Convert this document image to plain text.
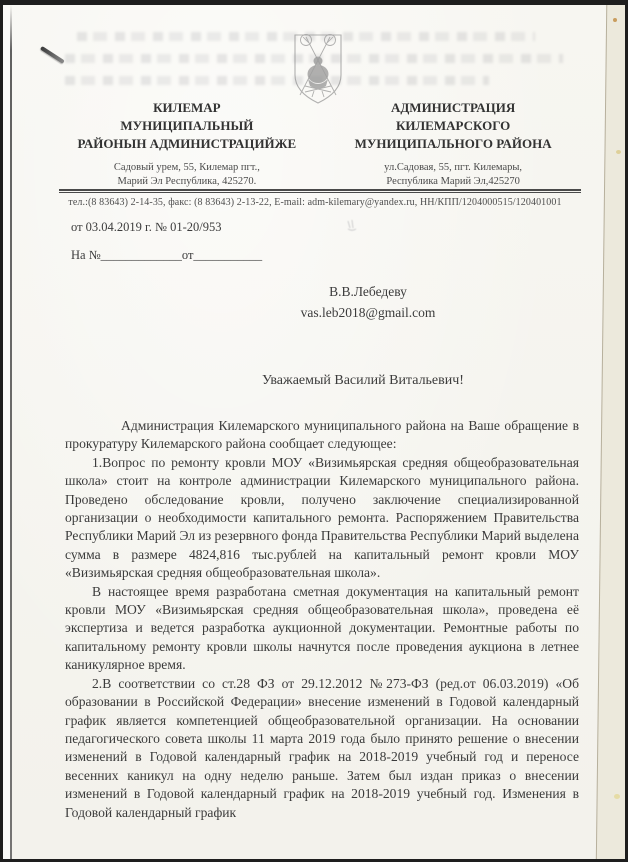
КИЛЕМАР
МУНИЦИПАЛЬНЫЙ
РАЙОНЫН АДМИНИСТРАЦИЙЖЕ
Садовый урем, 55, Килемар пгт.,
Марий Эл Республика, 425270.
АДМИНИСТРАЦИЯ
КИЛЕМАРСКОГО
МУНИЦИПАЛЬНОГО РАЙОНА
ул.Садовая, 55, пгт. Килемары,
Республика Марий Эл,425270
тел.:(8 83643) 2-14-35, факс: (8 83643) 2-13-22, E-mail: adm-kilemary@yandex.ru, НН/КПП/1204000515/120401001
от 03.04.2019 г. № 01-20/953
На №_____________от___________
В.В.Лебедеву
vas.leb2018@gmail.com
Уважаемый Василий Витальевич!

Администрация Килемарского муниципального района на Ваше обращение в прокуратуру Килемарского района сообщает следующее:

1.Вопрос по ремонту кровли МОУ «Визимьярская средняя общеобразовательная школа» стоит на контроле администрации Килемарского муниципального района. Проведено обследование кровли, получено заключение специализированной организации о необходимости капитального ремонта. Распоряжением Правительства Республики Марий Эл из резервного фонда Правительства Республики Марий выделена сумма в размере 4824,816 тыс.рублей на капитальный ремонт кровли МОУ «Визимьярская средняя общеобразовательная школа».

В настоящее время разработана сметная документация на капитальный ремонт кровли МОУ «Визимьярская средняя общеобразовательная школа», проведена её экспертиза и ведется разработка аукционной документации. Ремонтные работы по капитальному ремонту кровли школы начнутся после проведения аукциона в летнее каникулярное время.

2.В соответствии со ст.28 ФЗ от 29.12.2012 №273-ФЗ (ред.от 06.03.2019) «Об образовании в Российской Федерации» внесение изменений в Годовой календарный график является компетенцией общеобразовательной организации. На основании педагогического совета школы 11 марта 2019 года было принято решение о внесении изменений в Годовой календарный график на 2018-2019 учебный год и переносе весенних каникул на одну неделю раньше. Затем был издан приказ о внесении изменений в Годовой календарный график на 2018-2019 учебный год. Изменения в Годовой календарный график
